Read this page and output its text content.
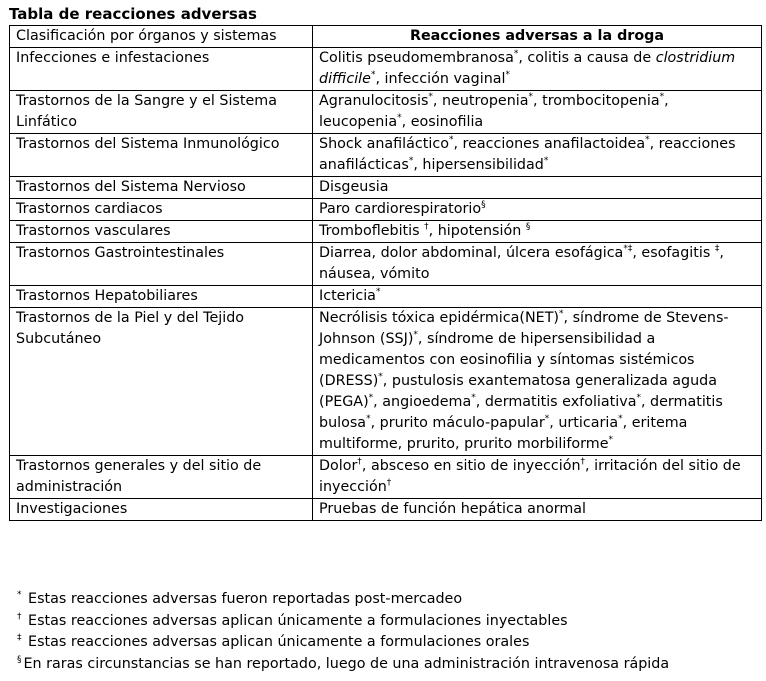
Tabla de reacciones adversas
Clasificación por órganos y sistemas	Reacciones adversas a la droga
Infecciones e infestaciones	Colitis pseudomembranosa*, colitis a causa de clostridium difficile*, infección vaginal*
Trastornos de la Sangre y el Sistema Linfático	Agranulocitosis*, neutropenia*, trombocitopenia*, leucopenia*, eosinofilia
Trastornos del Sistema Inmunológico	Shock anafiláctico*, reacciones anafilactoidea*, reacciones anafilácticas*, hipersensibilidad*
Trastornos del Sistema Nervioso	Disgeusia
Trastornos cardiacos	Paro cardiorespiratorio§
Trastornos vasculares	Tromboflebitis †, hipotensión §
Trastornos Gastrointestinales	Diarrea, dolor abdominal, úlcera esofágica*‡, esofagitis ‡, náusea, vómito
Trastornos Hepatobiliares	Ictericia*
Trastornos de la Piel y del Tejido Subcutáneo	Necrólisis tóxica epidérmica(NET)*, síndrome de Stevens-Johnson (SSJ)*, síndrome de hipersensibilidad a medicamentos con eosinofilia y síntomas sistémicos (DRESS)*, pustulosis exantematosa generalizada aguda (PEGA)*, angioedema*, dermatitis exfoliativa*, dermatitis bulosa*, prurito máculo-papular*, urticaria*, eritema multiforme, prurito, prurito morbiliforme*
Trastornos generales y del sitio de administración	Dolor†, absceso en sitio de inyección†, irritación del sitio de inyección†
Investigaciones	Pruebas de función hepática anormal
* Estas reacciones adversas fueron reportadas post-mercadeo
† Estas reacciones adversas aplican únicamente a formulaciones inyectables
‡ Estas reacciones adversas aplican únicamente a formulaciones orales
§ En raras circunstancias se han reportado, luego de una administración intravenosa rápida
